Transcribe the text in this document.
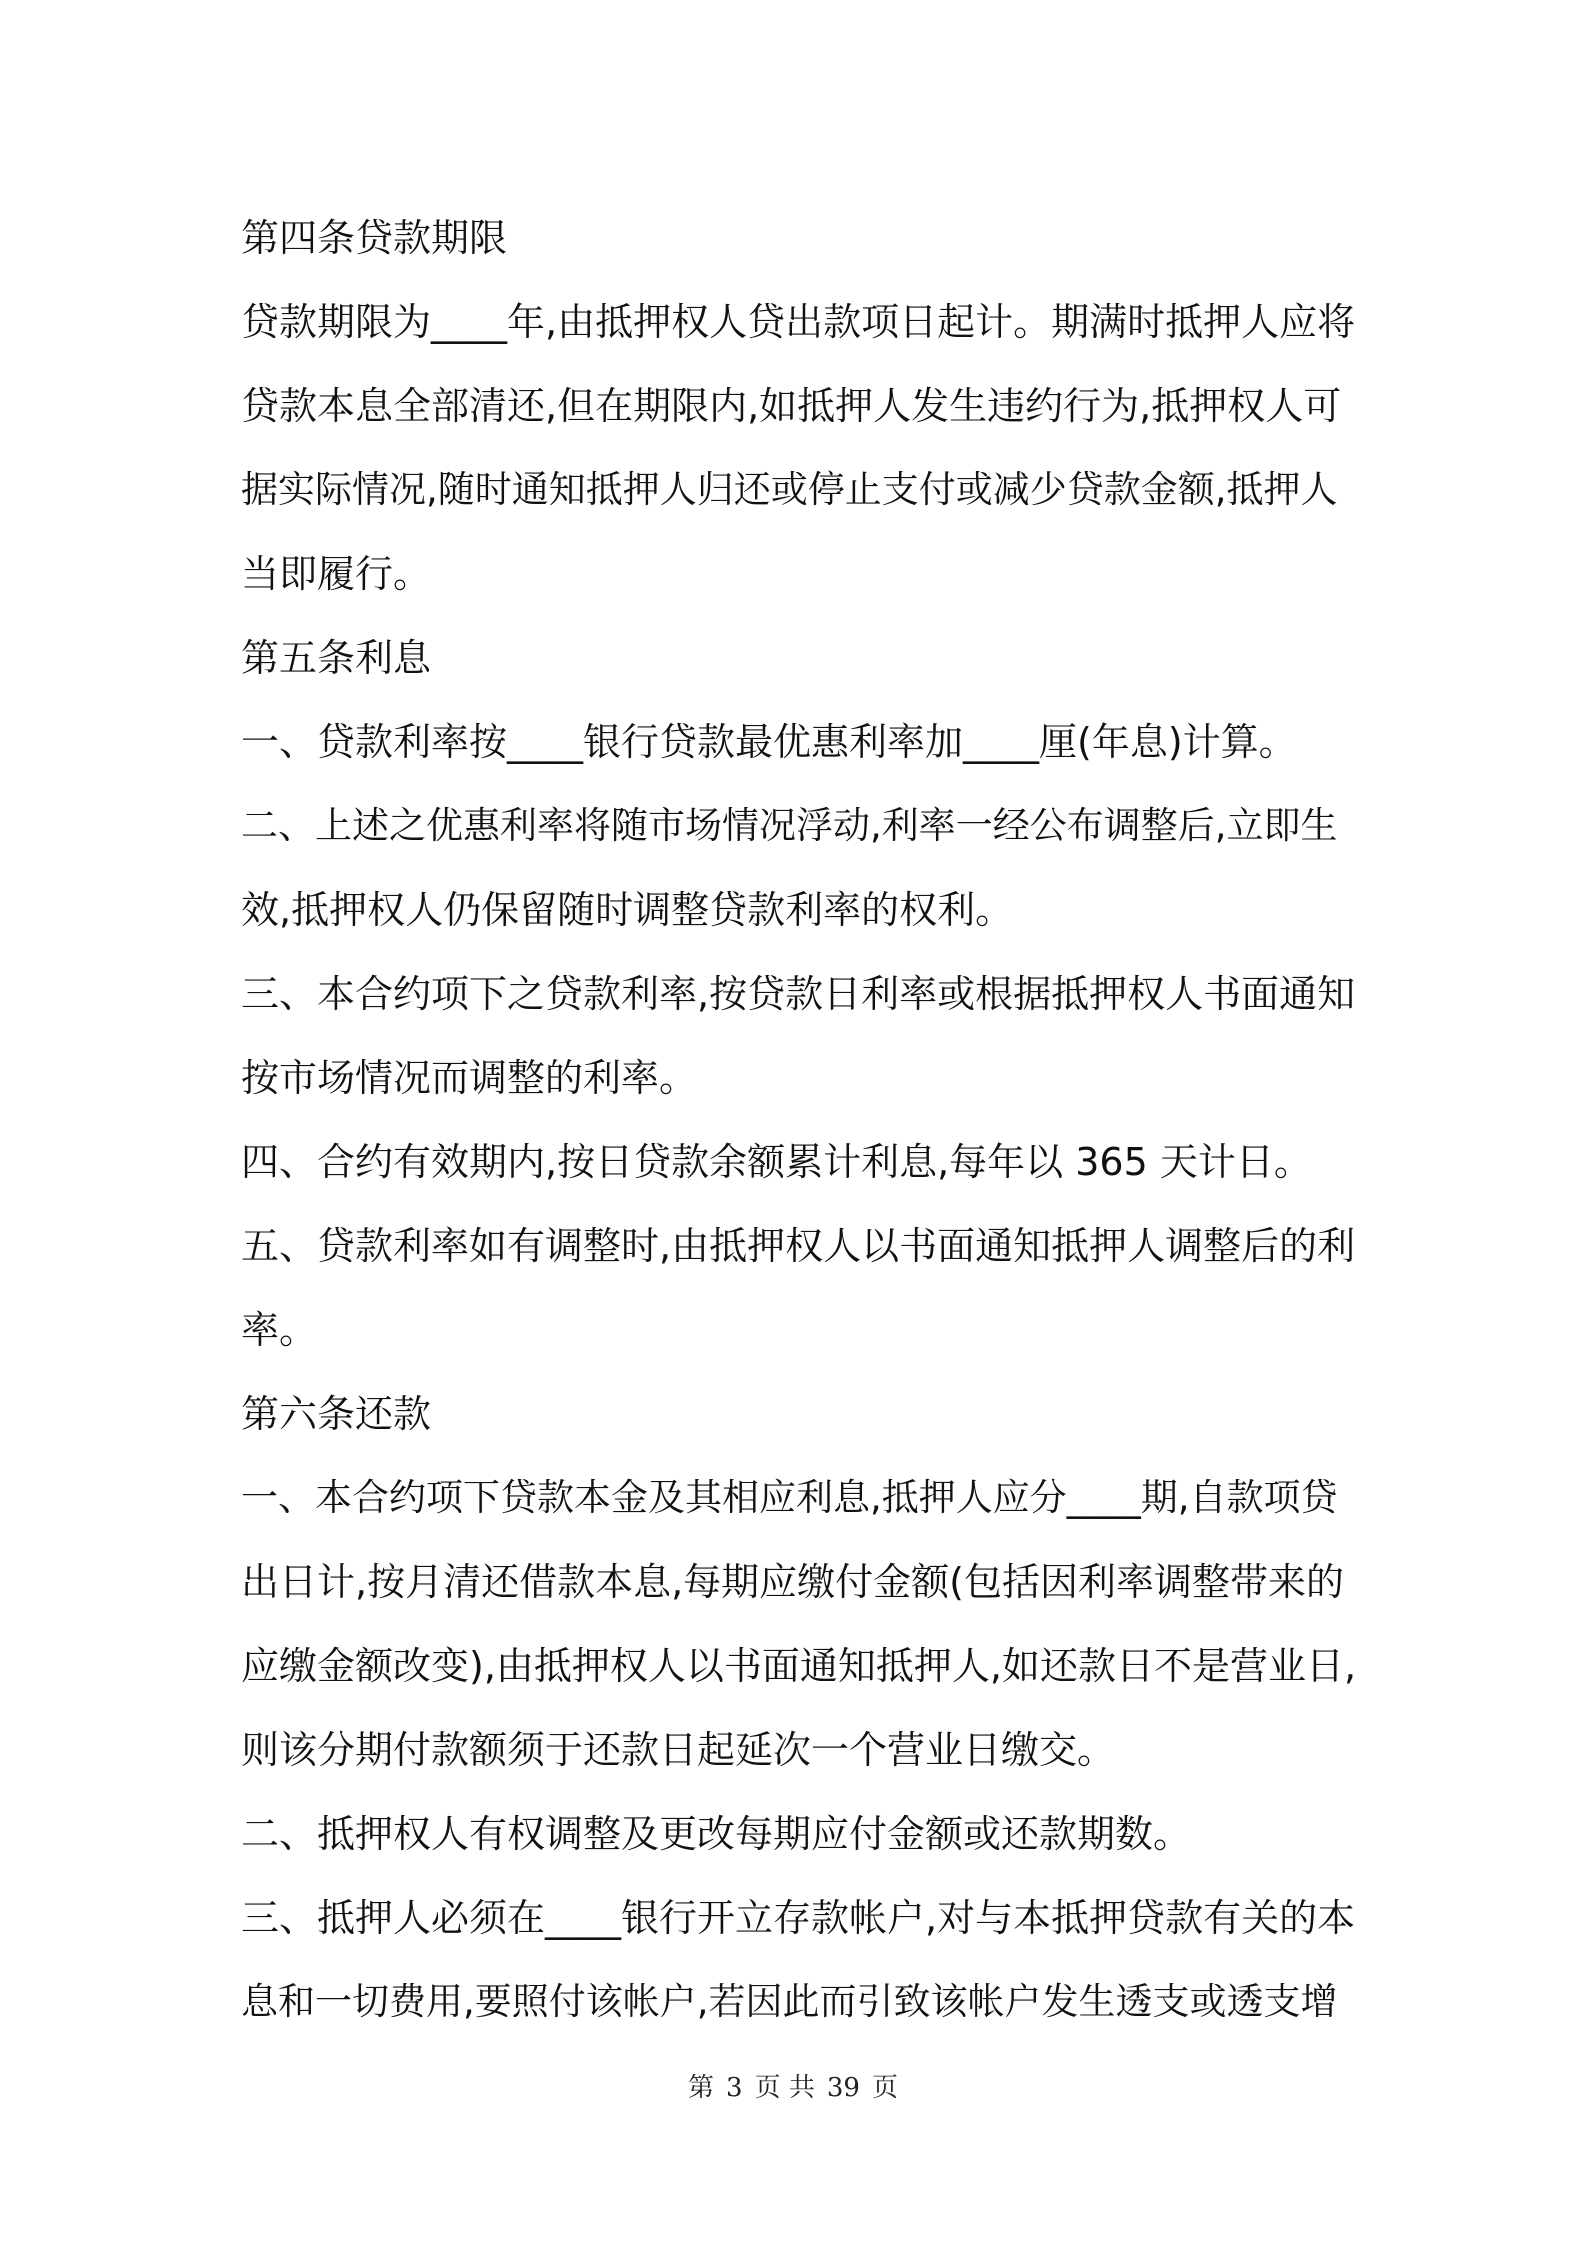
第四条贷款期限
贷款期限为____年,由抵押权人贷出款项日起计。期满时抵押人应将
贷款本息全部清还,但在期限内,如抵押人发生违约行为,抵押权人可
据实际情况,随时通知抵押人归还或停止支付或减少贷款金额,抵押人
当即履行。
第五条利息
一、贷款利率按____银行贷款最优惠利率加____厘(年息)计算。
二、上述之优惠利率将随市场情况浮动,利率一经公布调整后,立即生
效,抵押权人仍保留随时调整贷款利率的权利。
三、本合约项下之贷款利率,按贷款日利率或根据抵押权人书面通知
按市场情况而调整的利率。
四、合约有效期内,按日贷款余额累计利息,每年以 365 天计日。
五、贷款利率如有调整时,由抵押权人以书面通知抵押人调整后的利
率。
第六条还款
一、本合约项下贷款本金及其相应利息,抵押人应分____期,自款项贷
出日计,按月清还借款本息,每期应缴付金额(包括因利率调整带来的
应缴金额改变),由抵押权人以书面通知抵押人,如还款日不是营业日,
则该分期付款额须于还款日起延次一个营业日缴交。
二、抵押权人有权调整及更改每期应付金额或还款期数。
三、抵押人必须在____银行开立存款帐户,对与本抵押贷款有关的本
息和一切费用,要照付该帐户,若因此而引致该帐户发生透支或透支增
第 3 页 共 39 页
